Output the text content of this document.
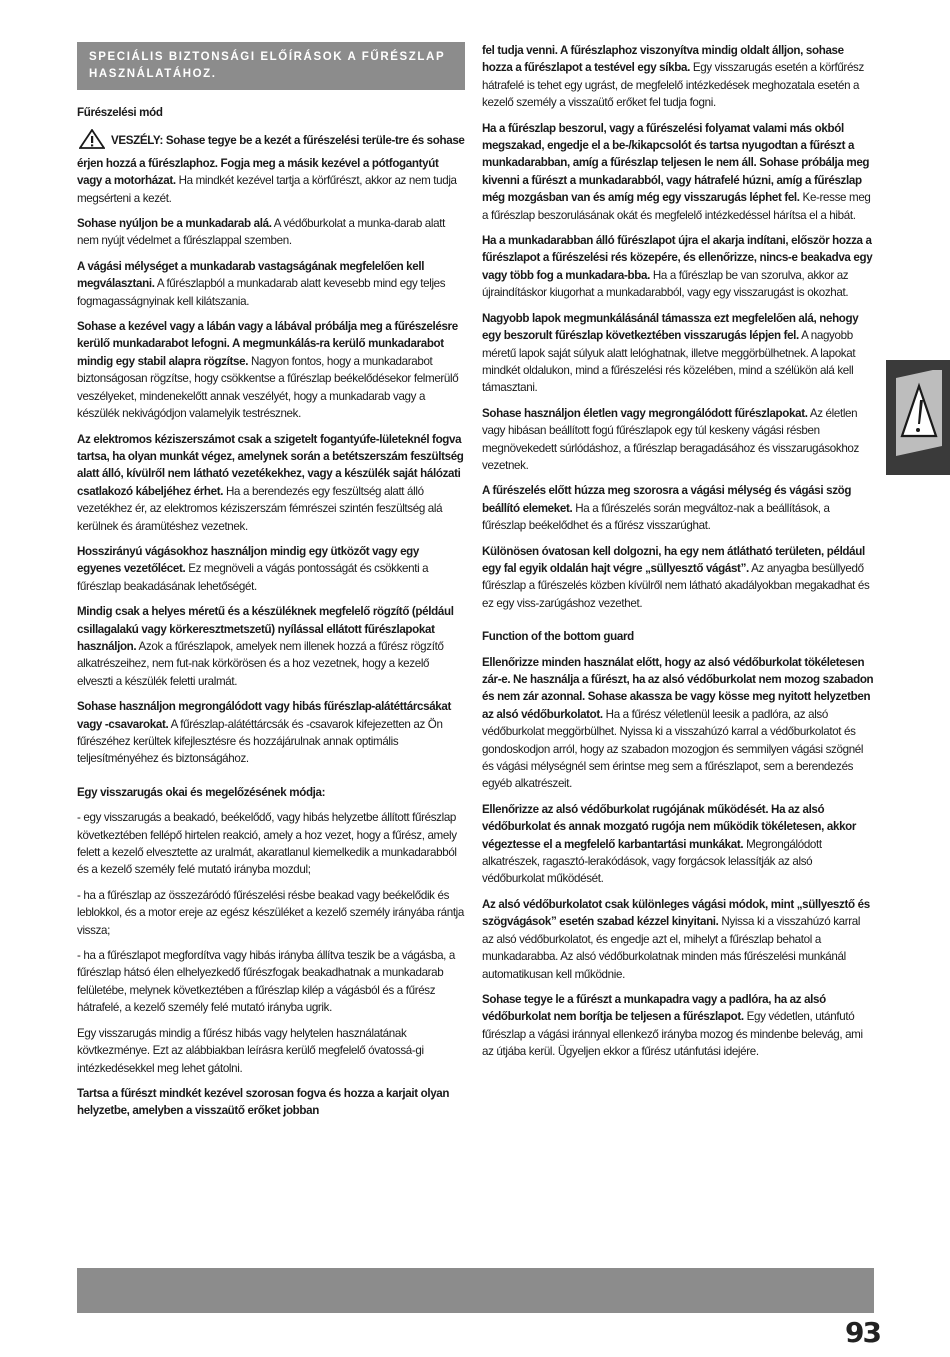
SPECIÁLIS BIZTONSÁGI ELŐÍRÁSOK A FŰRÉSZLAP HASZNÁLATÁHOZ.

Fűrészelési mód

VESZÉLY: Sohase tegye be a kezét a fűrészelési terüle-tre és sohase érjen hozzá a fűrészlaphoz. Fogja meg a másik kezével a pótfogantyút vagy a motorházat. Ha mindkét kezével tartja a körfűrészt, akkor az nem tudja megsérteni a kezét.

Sohase nyúljon be a munkadarab alá. A védőburkolat a munka-darab alatt nem nyújt védelmet a fűrészlappal szemben.

A vágási mélységet a munkadarab vastagságának megfelelően kell megválasztani. A fűrészlapból a munkadarab alatt kevesebb mind egy teljes fogmagasságnyinak kell kilátszania.

Sohase a kezével vagy a lábán vagy a lábával próbálja meg a fűrészelésre kerülő munkadarabot lefogni. A megmunkálás-ra kerülő munkadarabot mindig egy stabil alapra rögzítse. Nagyon fontos, hogy a munkadarabot biztonságosan rögzítse, hogy csökkentse a fűrészlap beékelődésekor felmerülő veszélyeket, mindenekelőtt annak veszélyét, hogy a munkadarab vagy a készülék nekivágódjon valamelyik testrésznek.

Az elektromos kéziszerszámot csak a szigetelt fogantyúfe-lületeknél fogva tartsa, ha olyan munkát végez, amelynek során a betétszerszám feszültség alatt álló, kívülről nem látható vezetékekhez, vagy a készülék saját hálózati csatlakozó kábeljéhez érhet. Ha a berendezés egy feszültség alatt álló vezetékhez ér, az elektromos kéziszerszám fémrészei szintén feszültség alá kerülnek és áramütéshez vezetnek.

Hosszirányú vágásokhoz használjon mindig egy ütközőt vagy egy egyenes vezetőlécet. Ez megnöveli a vágás pontosságát és csökkenti a fűrészlap beakadásának lehetőségét.

Mindig csak a helyes méretű és a készüléknek megfelelő rögzítő (például csillagalakú vagy körkeresztmetszetű) nyílással ellátott fűrészlapokat használjon. Azok a fűrészlapok, amelyek nem illenek hozzá a fűrész rögzítő alkatrészeihez, nem fut-nak körkörösen és a hoz vezetnek, hogy a kezelő elveszti a készülék feletti uralmát.

Sohase használjon megrongálódott vagy hibás fűrészlap-alátéttárcsákat vagy -csavarokat. A fűrészlap-alátéttárcsák és -csavarok kifejezetten az Ön fűrészéhez kerültek kifejlesztésre és hozzájárulnak annak optimális teljesítményéhez és biztonságához.

Egy visszarugás okai és megelőzésének módja:

- egy visszarugás a beakadó, beékelődő, vagy hibás helyzetbe állított fűrészlap következtében fellépő hirtelen reakció, amely a hoz vezet, hogy a fűrész, amely felett a kezelő elvesztette az uralmát, akaratlanul kiemelkedik a munkadarabból és a kezelő személy felé mutató irányba mozdul;

- ha a fűrészlap az összezáródó fűrészelési résbe beakad vagy beékelődik és leblokkol, és a motor ereje az egész készüléket a kezelő személy irányába rántja vissza;

- ha a fűrészlapot megfordítva vagy hibás irányba állítva teszik be a vágásba, a fűrészlap hátsó élen elhelyezkedő fűrészfogak beakadhatnak a munkadarab felületébe, melynek következtében a fűrészlap kilép a vágásból és a fűrész hátrafelé, a kezelő személy felé mutató irányba ugrik.

Egy visszarugás mindig a fűrész hibás vagy helytelen használatának kövtkezménye. Ezt az alábbiakban leírásra kerülő megfelelő óvatossá-gi intézkedésekkel meg lehet gátolni.

Tartsa a fűrészt mindkét kezével szorosan fogva és hozza a karjait olyan helyzetbe, amelyben a visszaütő erőket jobban

fel tudja venni. A fűrészlaphoz viszonyítva mindig oldalt álljon, sohase hozza a fűrészlapot a testével egy síkba. Egy visszarugás esetén a körfűrész hátrafelé is tehet egy ugrást, de megfelelő intézkedések meghozatala esetén a kezelő személy a visszaütő erőket fel tudja fogni.

Ha a fűrészlap beszorul, vagy a fűrészelési folyamat valami más okból megszakad, engedje el a be-/kikapcsolót és tartsa nyugodtan a fűrészt a munkadarabban, amíg a fűrészlap teljesen le nem áll. Sohase próbálja meg kivenni a fűrészt a munkadarabból, vagy hátrafelé húzni, amíg a fűrészlap még mozgásban van és amíg még egy visszarugás léphet fel. Ke-resse meg a fűrészlap beszorulásának okát és megfelelő intézkedéssel hárítsa el a hibát.

Ha a munkadarabban álló fűrészlapot újra el akarja indítani, először hozza a fűrészlapot a fűrészelési rés közepére, és ellenőrizze, nincs-e beakadva egy vagy több fog a munkadara-bba. Ha a fűrészlap be van szorulva, akkor az újraindításkor kiugorhat a munkadarabból, vagy egy visszarugást is okozhat.

Nagyobb lapok megmunkálásánál támassza ezt megfelelően alá, nehogy egy beszorult fűrészlap következtében visszarugás lépjen fel. A nagyobb méretű lapok saját súlyuk alatt lelóghatnak, illetve meggörbülhetnek. A lapokat mindkét oldalukon, mind a fűrészelési rés közelében, mind a szélükön alá kell támasztani.

Sohase használjon életlen vagy megrongálódott fűrészlapokat. Az életlen vagy hibásan beállított fogú fűrészlapok egy túl keskeny vágási résben megnövekedett súrlódáshoz, a fűrészlap beragadásához és visszarugásokhoz vezetnek.

A fűrészelés előtt húzza meg szorosra a vágási mélység és vágási szög beállító elemeket. Ha a fűrészelés során megváltoz-nak a beállítások, a fűrészlap beékelődhet és a fűrész visszarúghat.

Különösen óvatosan kell dolgozni, ha egy nem átlátható területen, például egy fal egyik oldalán hajt végre „süllyesztő vágást”. Az anyagba besüllyedő fűrészlap a fűrészelés közben kívülről nem látható akadályokban megakadhat és ez egy viss-zarúgáshoz vezethet.

Function of the bottom guard

Ellenőrizze minden használat előtt, hogy az alsó védőburkolat tökéletesen zár-e. Ne használja a fűrészt, ha az alsó védőburkolat nem mozog szabadon és nem zár azonnal. Sohase akassza be vagy kösse meg nyitott helyzetben az alsó védőburkolatot. Ha a fűrész véletlenül leesik a padlóra, az alsó védőburkolat meggörbülhet. Nyissa ki a visszahúzó karral a védőburkolatot és gondoskodjon arról, hogy az szabadon mozogjon és semmilyen vágási szögnél és vágási mélységnél sem érintse meg sem a fűrészlapot, sem a berendezés egyéb alkatrészeit.

Ellenőrizze az alsó védőburkolat rugójának működését. Ha az alsó védőburkolat és annak mozgató rugója nem működik tökéletesen, akkor végeztesse el a megfelelő karbantartási munkákat. Megrongálódott alkatrészek, ragasztó-lerakódások, vagy forgácsok lelassítják az alsó védőburkolat működését.

Az alsó védőburkolatot csak különleges vágási módok, mint „süllyesztő és szögvágások” esetén szabad kézzel kinyitani. Nyissa ki a visszahúzó karral az alsó védőburkolatot, és engedje azt el, mihelyt a fűrészlap behatol a munkadarabba. Az alsó védőburkolatnak minden más fűrészelési munkánál automatikusan kell működnie.

Sohase tegye le a fűrészt a munkapadra vagy a padlóra, ha az alsó védőburkolat nem borítja be teljesen a fűrészlapot. Egy védetlen, utánfutó fűrészlap a vágási iránnyal ellenkező irányba mozog és mindenbe belevág, ami az útjába kerül. Ügyeljen ekkor a fűrész utánfutási idejére.

93
